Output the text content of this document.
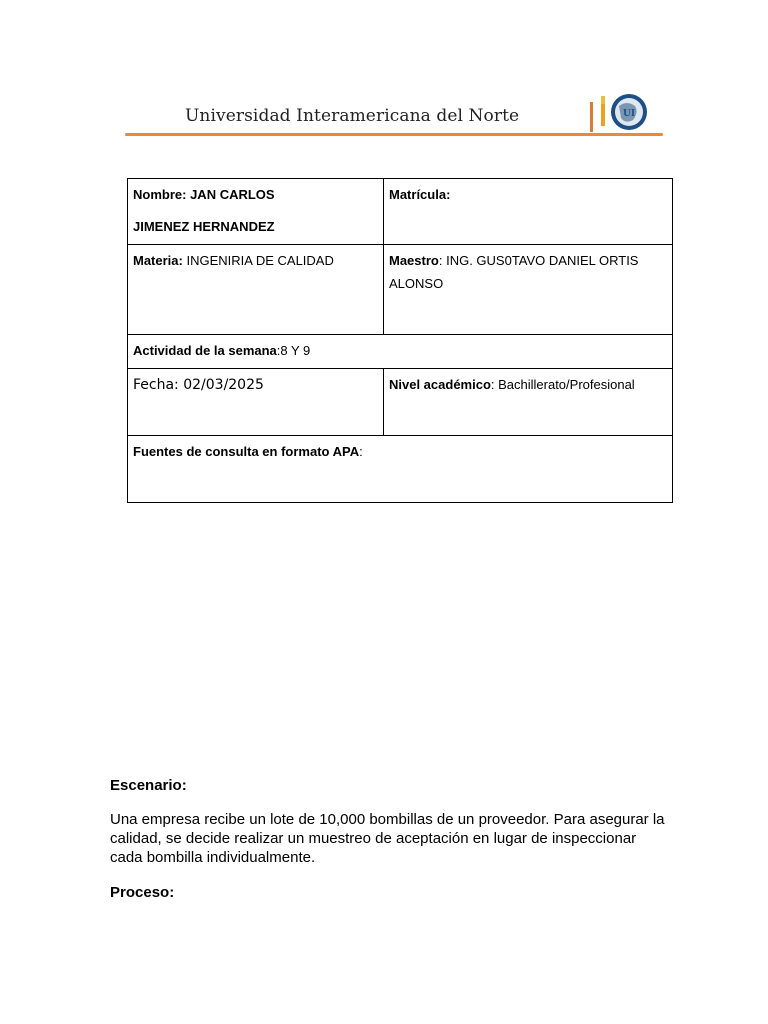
Universidad Interamericana del Norte	UI
Nombre: JAN CARLOS
JIMENEZ HERNANDEZ	Matrícula:
Materia: INGENIRIA DE CALIDAD	Maestro: ING. GUS0TAVO DANIEL ORTIS ALONSO
Actividad de la semana:8 Y 9	
Fecha: 02/03/2025	Nivel académico: Bachillerato/Profesional
Fuentes de consulta en formato APA:	
Escenario:
Una empresa recibe un lote de 10,000 bombillas de un proveedor. Para asegurar la calidad, se decide realizar un muestreo de aceptación en lugar de inspeccionar cada bombilla individualmente.
Proceso:
